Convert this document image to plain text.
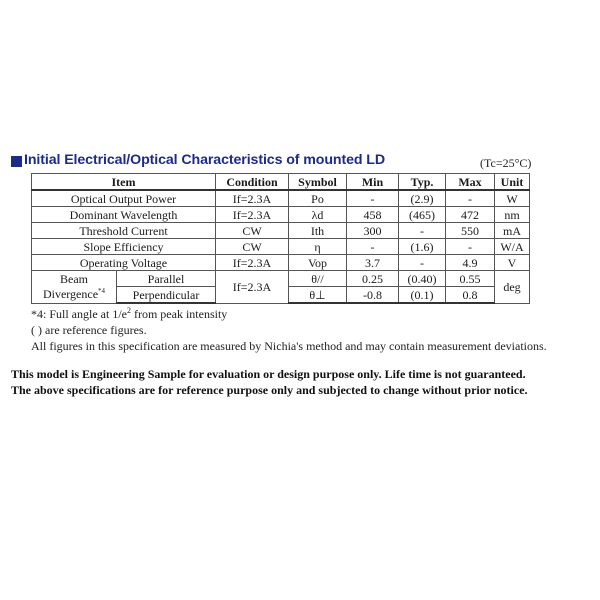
Initial Electrical/Optical Characteristics of mounted LD	(Tc=25°C)
Item		Condition	Symbol	Min	Typ.	Max	Unit
Optical Output Power		If=2.3A	Po	-	(2.9)	-	W
Dominant Wavelength		If=2.3A	λd	458	(465)	472	nm
Threshold Current		CW	Ith	300	-	550	mA
Slope Efficiency		CW	η	-	(1.6)	-	W/A
Operating Voltage		If=2.3A	Vop	3.7	-	4.9	V
Beam
Divergence$^{*4}$	Parallel	If=2.3A	θ//	0.25	(0.40)	0.55	deg
	Perpendicular		θ⊥	-0.8	(0.1)	0.8	
*4: Full angle at $1/e^2$ from peak intensity
( ) are reference figures.
All figures in this specification are measured by Nichia's method and may contain measurement deviations.
This model is Engineering Sample for evaluation or design purpose only. Life time is not guaranteed.
The above specifications are for reference purpose only and subjected to change without prior notice.
